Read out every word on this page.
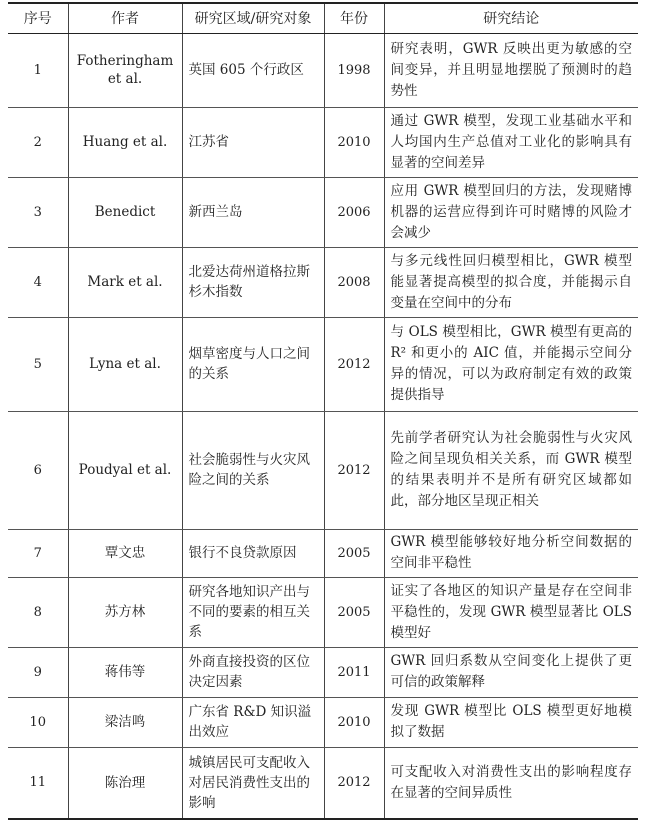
序号	作者	研究区域/研究对象	年份	研究结论
1	Fotheringham et al.	英国 605 个行政区	1998	研究表明，GWR 反映出更为敏感的空间变异，并且明显地摆脱了预测时的趋势性
2	Huang et al.	江苏省	2010	通过 GWR 模型，发现工业基础水平和人均国内生产总值对工业化的影响具有显著的空间差异
3	Benedict	新西兰岛	2006	应用 GWR 模型回归的方法，发现赌博机器的运营应得到许可时赌博的风险才会减少
4	Mark et al.	北爱达荷州道格拉斯杉木指数	2008	与多元线性回归模型相比，GWR 模型能显著提高模型的拟合度，并能揭示自变量在空间中的分布
5	Lyna et al.	烟草密度与人口之间的关系	2012	与 OLS 模型相比，GWR 模型有更高的 R² 和更小的 AIC 值，并能揭示空间分异的情况，可以为政府制定有效的政策提供指导
6	Poudyal et al.	社会脆弱性与火灾风险之间的关系	2012	先前学者研究认为社会脆弱性与火灾风险之间呈现负相关关系，而 GWR 模型的结果表明并不是所有研究区域都如此，部分地区呈现正相关
7	覃文忠	银行不良贷款原因	2005	GWR 模型能够较好地分析空间数据的空间非平稳性
8	苏方林	研究各地知识产出与不同的要素的相互关系	2005	证实了各地区的知识产量是存在空间非平稳性的，发现 GWR 模型显著比 OLS 模型好
9	蒋伟等	外商直接投资的区位决定因素	2011	GWR 回归系数从空间变化上提供了更可信的政策解释
10	梁洁鸣	广东省 R&D 知识溢出效应	2010	发现 GWR 模型比 OLS 模型更好地模拟了数据
11	陈治理	城镇居民可支配收入对居民消费性支出的影响	2012	可支配收入对消费性支出的影响程度存在显著的空间异质性
